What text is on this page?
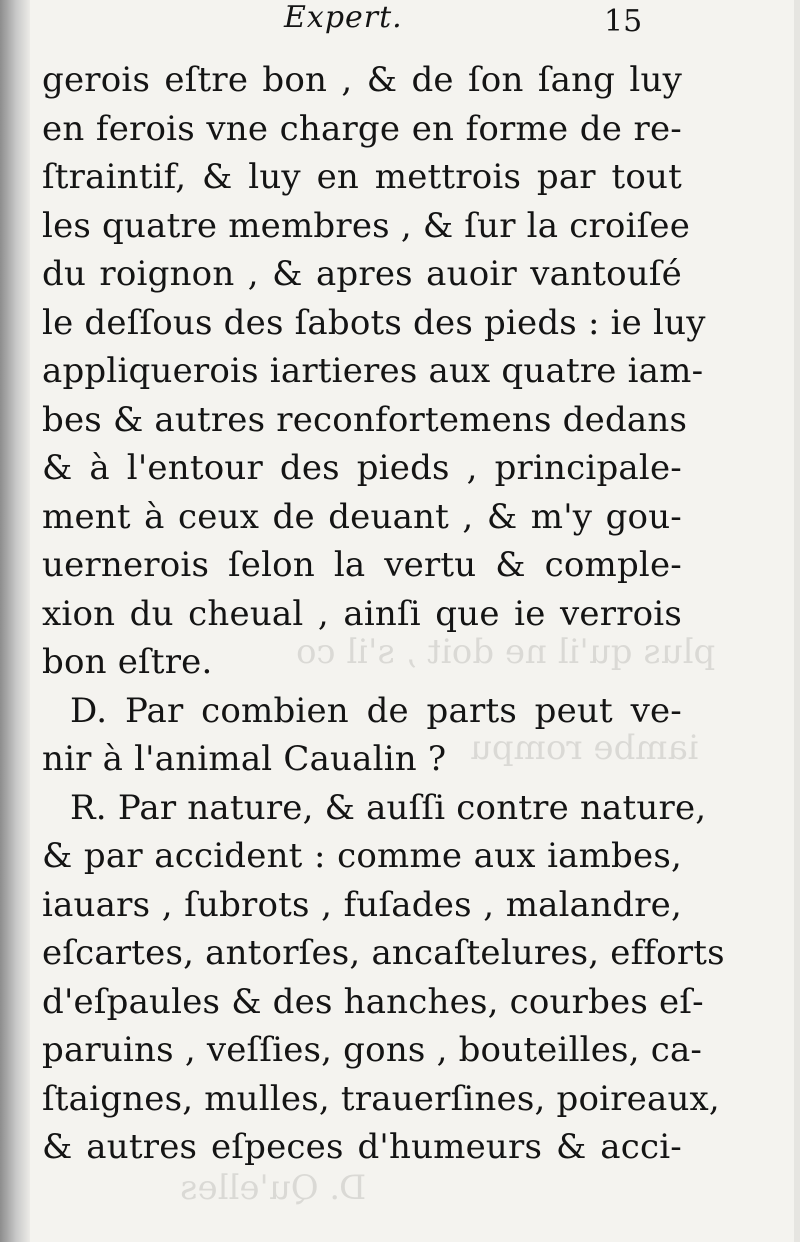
plus qu'il ne doit , s'il co
iambe rompu
D. Qu'elles
Expert.	15
gerois eſtre bon , & de ſon ſang luy
en ferois vne charge en forme de re-
ſtraintif, & luy en mettrois par tout
les quatre membres , & ſur la croiſee
du roignon , & apres auoir vantouſé
le deſſous des ſabots des pieds : ie luy
appliquerois iartieres aux quatre iam-
bes & autres reconfortemens dedans
& à l'entour des pieds , principale-
ment à ceux de deuant , & m'y gou-
uernerois ſelon la vertu & comple-
xion du cheual , ainſi que ie verrois
bon eſtre.
D. Par combien de parts peut ve-
nir à l'animal Caualin ?
R. Par nature, & auſſi contre nature,
& par accident : comme aux iambes,
iauars , ſubrots , fuſades , malandre,
eſcartes, antorſes, ancaſtelures, efforts
d'eſpaules & des hanches, courbes eſ-
paruins , veſſies, gons , bouteilles, ca-
ſtaignes, mulles, trauerſines, poireaux,
& autres eſpeces d'humeurs & acci-
